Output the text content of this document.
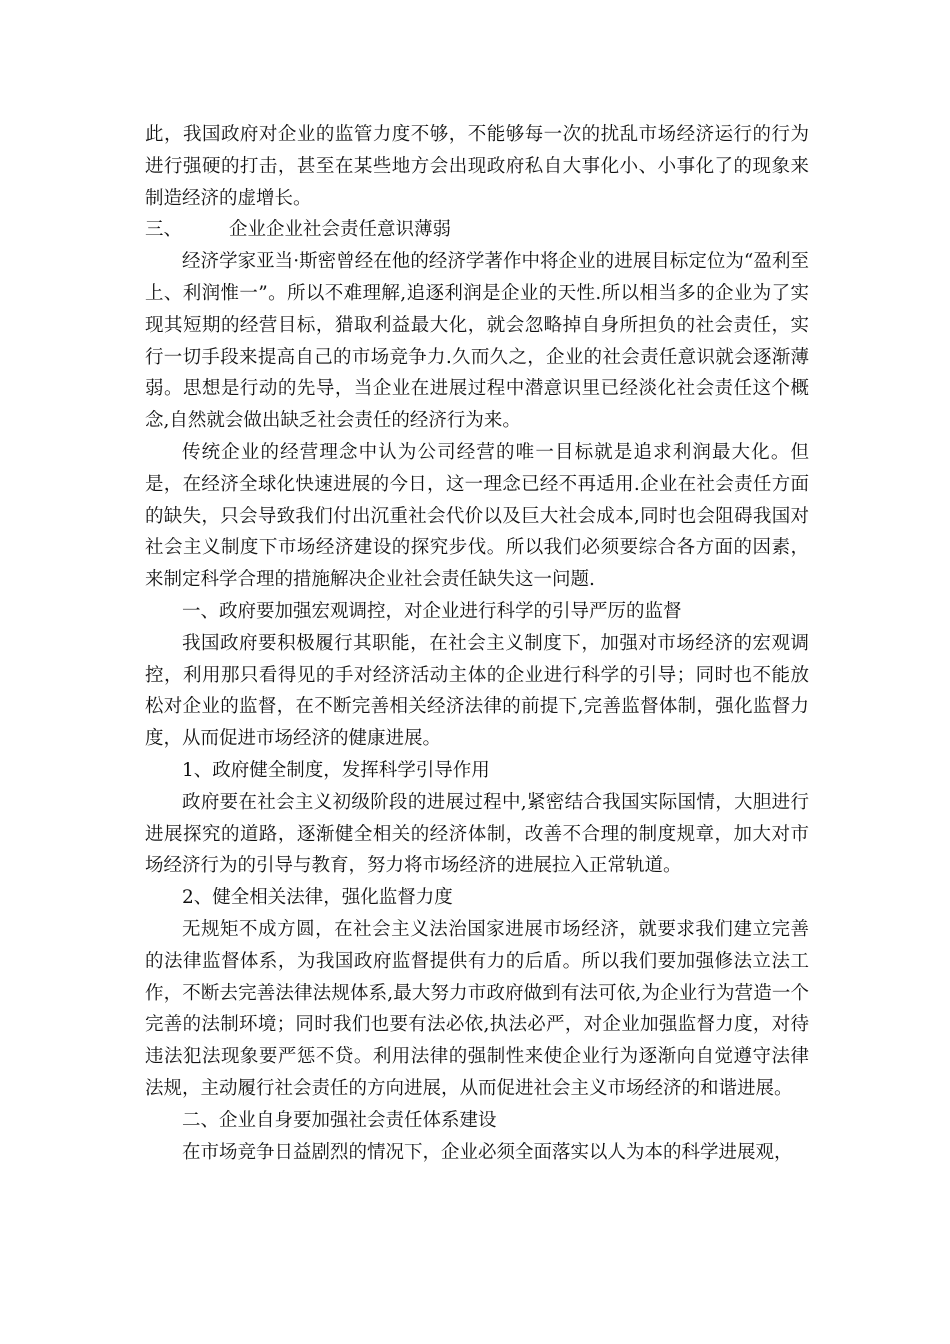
此，我国政府对企业的监管力度不够，不能够每一次的扰乱市场经济运行的行为进行强硬的打击，甚至在某些地方会出现政府私自大事化小、小事化了的现象来制造经济的虚增长。

三、	企业企业社会责任意识薄弱

经济学家亚当·斯密曾经在他的经济学著作中将企业的进展目标定位为“盈利至上、利润惟一”。所以不难理解,追逐利润是企业的天性.所以相当多的企业为了实现其短期的经营目标，猎取利益最大化，就会忽略掉自身所担负的社会责任，实行一切手段来提高自己的市场竞争力.久而久之，企业的社会责任意识就会逐渐薄弱。思想是行动的先导，当企业在进展过程中潜意识里已经淡化社会责任这个概念,自然就会做出缺乏社会责任的经济行为来。

传统企业的经营理念中认为公司经营的唯一目标就是追求利润最大化。但是，在经济全球化快速进展的今日，这一理念已经不再适用.企业在社会责任方面的缺失，只会导致我们付出沉重社会代价以及巨大社会成本,同时也会阻碍我国对社会主义制度下市场经济建设的探究步伐。所以我们必须要综合各方面的因素，来制定科学合理的措施解决企业社会责任缺失这一问题.

一、政府要加强宏观调控，对企业进行科学的引导严厉的监督

我国政府要积极履行其职能，在社会主义制度下，加强对市场经济的宏观调控，利用那只看得见的手对经济活动主体的企业进行科学的引导；同时也不能放松对企业的监督，在不断完善相关经济法律的前提下,完善监督体制，强化监督力度，从而促进市场经济的健康进展。

1、政府健全制度，发挥科学引导作用

政府要在社会主义初级阶段的进展过程中,紧密结合我国实际国情，大胆进行进展探究的道路，逐渐健全相关的经济体制，改善不合理的制度规章，加大对市场经济行为的引导与教育，努力将市场经济的进展拉入正常轨道。

2、健全相关法律，强化监督力度

无规矩不成方圆，在社会主义法治国家进展市场经济，就要求我们建立完善的法律监督体系，为我国政府监督提供有力的后盾。所以我们要加强修法立法工作，不断去完善法律法规体系,最大努力市政府做到有法可依,为企业行为营造一个完善的法制环境；同时我们也要有法必依,执法必严，对企业加强监督力度，对待违法犯法现象要严惩不贷。利用法律的强制性来使企业行为逐渐向自觉遵守法律法规，主动履行社会责任的方向进展，从而促进社会主义市场经济的和谐进展。

二、企业自身要加强社会责任体系建设

在市场竞争日益剧烈的情况下，企业必须全面落实以人为本的科学进展观，
